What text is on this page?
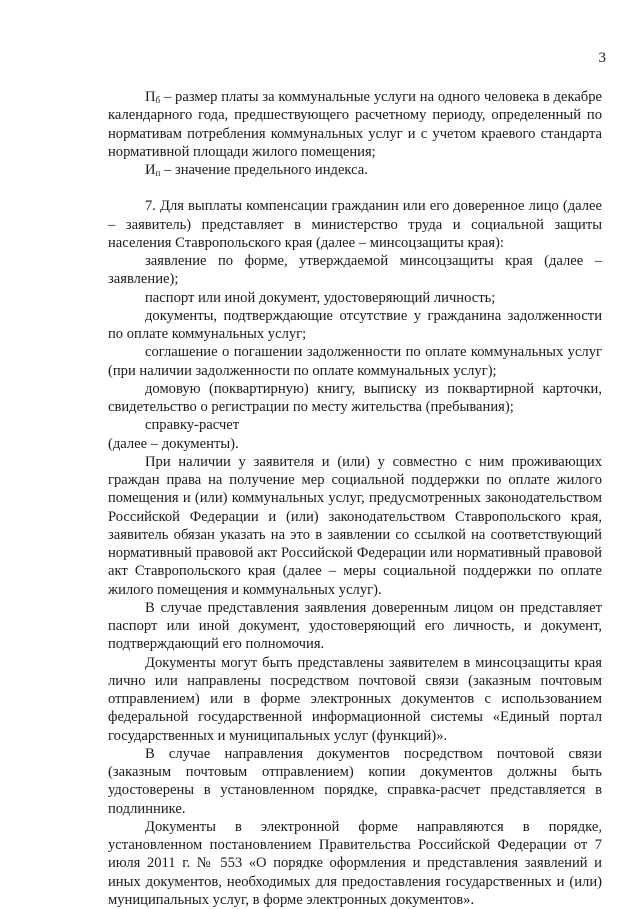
3

$П_б$ – размер платы за коммунальные услуги на одного человека в декабре календарного года, предшествующего расчетному периоду, определенный по нормативам потребления коммунальных услуг и с учетом краевого стандарта нормативной площади жилого помещения;

$И_п$ – значение предельного индекса.

7. Для выплаты компенсации гражданин или его доверенное лицо (далее – заявитель) представляет в министерство труда и социальной защиты населения Ставропольского края (далее – минсоцзащиты края):

заявление по форме, утверждаемой минсоцзащиты края (далее – заявление);

паспорт или иной документ, удостоверяющий личность;

документы, подтверждающие отсутствие у гражданина задолженности по оплате коммунальных услуг;

соглашение о погашении задолженности по оплате коммунальных услуг (при наличии задолженности по оплате коммунальных услуг);

домовую (поквартирную) книгу, выписку из поквартирной карточки, свидетельство о регистрации по месту жительства (пребывания);

справку-расчет

(далее – документы).

При наличии у заявителя и (или) у совместно с ним проживающих граждан права на получение мер социальной поддержки по оплате жилого помещения и (или) коммунальных услуг, предусмотренных законодательством Российской Федерации и (или) законодательством Ставропольского края, заявитель обязан указать на это в заявлении со ссылкой на соответствующий нормативный правовой акт Российской Федерации или нормативный правовой акт Ставропольского края (далее – меры социальной поддержки по оплате жилого помещения и коммунальных услуг).

В случае представления заявления доверенным лицом он представляет паспорт или иной документ, удостоверяющий его личность, и документ, подтверждающий его полномочия.

Документы могут быть представлены заявителем в минсоцзащиты края лично или направлены посредством почтовой связи (заказным почтовым отправлением) или в форме электронных документов с использованием федеральной государственной информационной системы «Единый портал государственных и муниципальных услуг (функций)».

В случае направления документов посредством почтовой связи (заказным почтовым отправлением) копии документов должны быть удостоверены в установленном порядке, справка-расчет представляется в подлиннике.

Документы в электронной форме направляются в порядке, установленном постановлением Правительства Российской Федерации от 7 июля 2011 г. № 553 «О порядке оформления и представления заявлений и иных документов, необходимых для предоставления государственных и (или) муниципальных услуг, в форме электронных документов».
